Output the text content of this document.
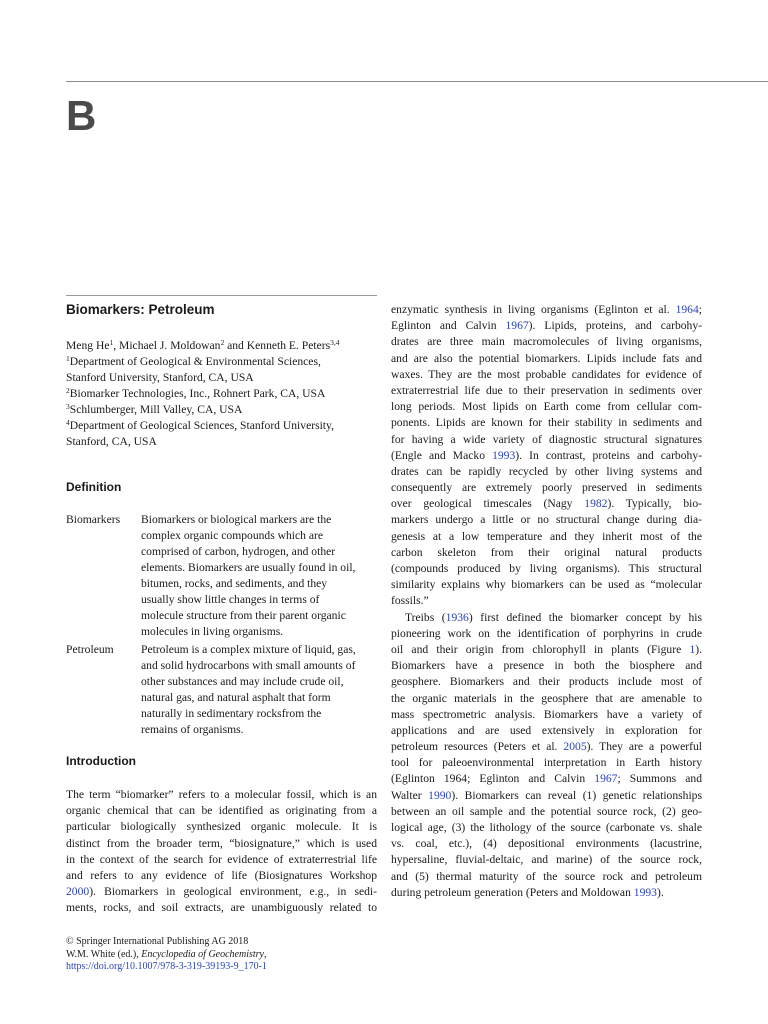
B
Biomarkers: Petroleum
Meng He$^1$, Michael J. Moldowan$^2$ and Kenneth E. Peters$^{3,4}$
$^1$Department of Geological & Environmental Sciences,
Stanford University, Stanford, CA, USA
$^2$Biomarker Technologies, Inc., Rohnert Park, CA, USA
$^3$Schlumberger, Mill Valley, CA, USA
$^4$Department of Geological Sciences, Stanford University,
Stanford, CA, USA
Definition
Biomarkers Biomarkers or biological markers are the
complex organic compounds which are
comprised of carbon, hydrogen, and other
elements. Biomarkers are usually found in oil,
bitumen, rocks, and sediments, and they
usually show little changes in terms of
molecule structure from their parent organic
molecules in living organisms.
Petroleum Petroleum is a complex mixture of liquid, gas,
and solid hydrocarbons with small amounts of
other substances and may include crude oil,
natural gas, and natural asphalt that form
naturally in sedimentary rocksfrom the
remains of organisms.
Introduction
The term “biomarker” refers to a molecular fossil, which is an
organic chemical that can be identified as originating from a
particular biologically synthesized organic molecule. It is
distinct from the broader term, “biosignature,” which is used
in the context of the search for evidence of extraterrestrial life
and refers to any evidence of life (Biosignatures Workshop
2000). Biomarkers in geological environment, e.g., in sedi-
ments, rocks, and soil extracts, are unambiguously related to
enzymatic synthesis in living organisms (Eglinton et al. 1964;
Eglinton and Calvin 1967). Lipids, proteins, and carbohy-
drates are three main macromolecules of living organisms,
and are also the potential biomarkers. Lipids include fats and
waxes. They are the most probable candidates for evidence of
extraterrestrial life due to their preservation in sediments over
long periods. Most lipids on Earth come from cellular com-
ponents. Lipids are known for their stability in sediments and
for having a wide variety of diagnostic structural signatures
(Engle and Macko 1993). In contrast, proteins and carbohy-
drates can be rapidly recycled by other living systems and
consequently are extremely poorly preserved in sediments
over geological timescales (Nagy 1982). Typically, bio-
markers undergo a little or no structural change during dia-
genesis at a low temperature and they inherit most of the
carbon skeleton from their original natural products
(compounds produced by living organisms). This structural
similarity explains why biomarkers can be used as “molecular
fossils.”
Treibs (1936) first defined the biomarker concept by his
pioneering work on the identification of porphyrins in crude
oil and their origin from chlorophyll in plants (Figure 1).
Biomarkers have a presence in both the biosphere and
geosphere. Biomarkers and their products include most of
the organic materials in the geosphere that are amenable to
mass spectrometric analysis. Biomarkers have a variety of
applications and are used extensively in exploration for
petroleum resources (Peters et al. 2005). They are a powerful
tool for paleoenvironmental interpretation in Earth history
(Eglinton 1964; Eglinton and Calvin 1967; Summons and
Walter 1990). Biomarkers can reveal (1) genetic relationships
between an oil sample and the potential source rock, (2) geo-
logical age, (3) the lithology of the source (carbonate vs. shale
vs. coal, etc.), (4) depositional environments (lacustrine,
hypersaline, fluvial-deltaic, and marine) of the source rock,
and (5) thermal maturity of the source rock and petroleum
during petroleum generation (Peters and Moldowan 1993).
© Springer International Publishing AG 2018
W.M. White (ed.), Encyclopedia of Geochemistry,
https://doi.org/10.1007/978-3-319-39193-9_170-1
